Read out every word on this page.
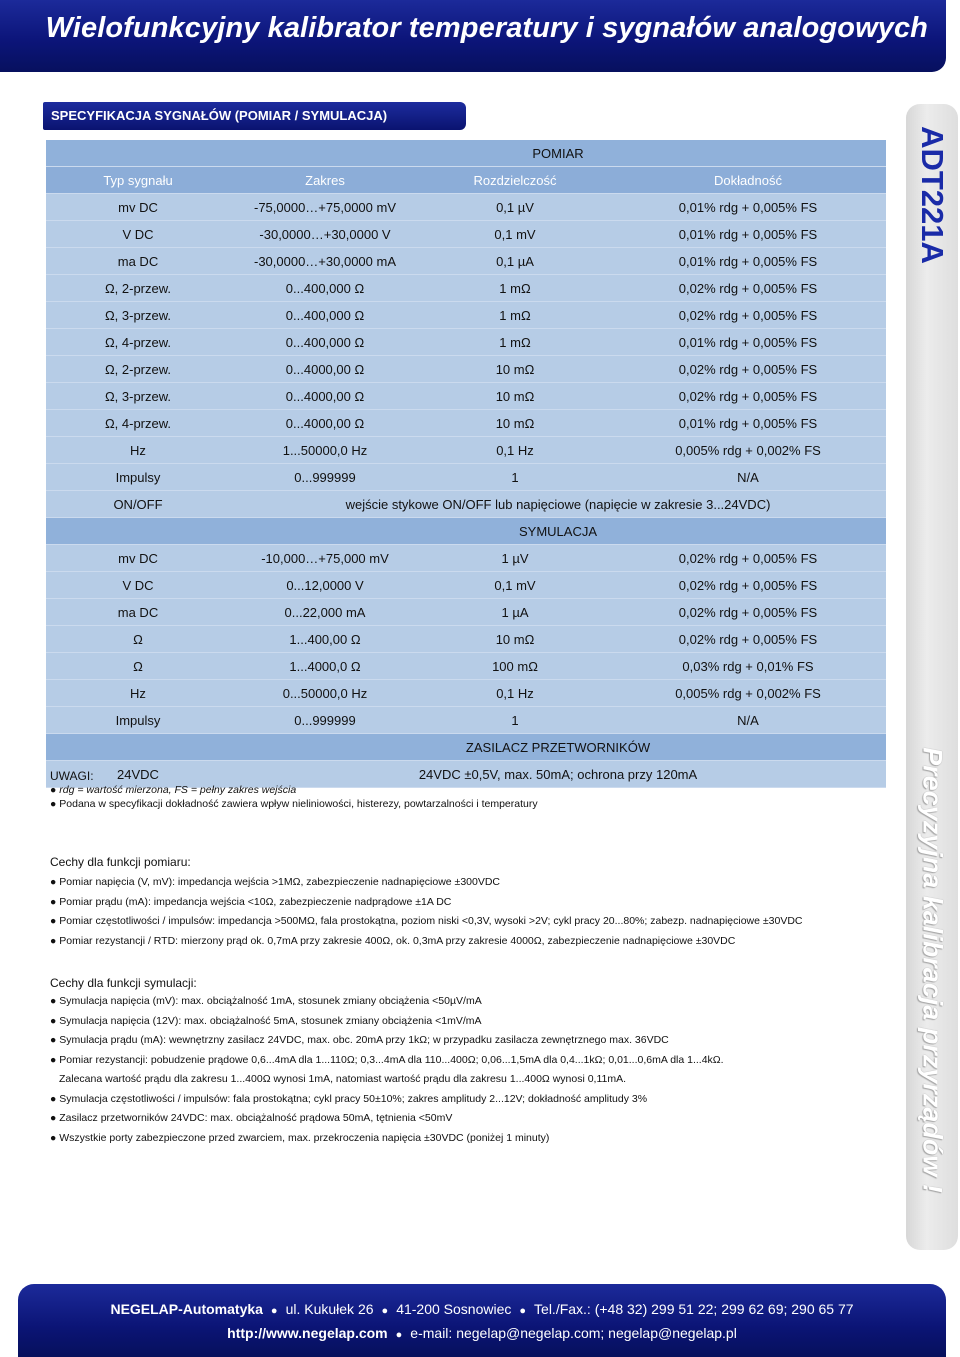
Wielofunkcyjny kalibrator temperatury i sygnałów analogowych
ADT221A
Precyzyjna kalibracja przyrządów !
SPECYFIKACJA SYGNAŁÓW (POMIAR / SYMULACJA)
	POMIAR		
Typ sygnału	Zakres	Rozdzielczość	Dokładność
mv DC	-75,0000…+75,0000 mV	0,1 µV	0,01% rdg + 0,005% FS
V DC	-30,0000…+30,0000 V	0,1 mV	0,01% rdg + 0,005% FS
ma DC	-30,0000…+30,0000 mA	0,1 µA	0,01% rdg + 0,005% FS
Ω, 2-przew.	0...400,000 Ω	1 mΩ	0,02% rdg + 0,005% FS
Ω, 3-przew.	0...400,000 Ω	1 mΩ	0,02% rdg + 0,005% FS
Ω, 4-przew.	0...400,000 Ω	1 mΩ	0,01% rdg + 0,005% FS
Ω, 2-przew.	0...4000,00 Ω	10 mΩ	0,02% rdg + 0,005% FS
Ω, 3-przew.	0...4000,00 Ω	10 mΩ	0,02% rdg + 0,005% FS
Ω, 4-przew.	0...4000,00 Ω	10 mΩ	0,01% rdg + 0,005% FS
Hz	1...50000,0 Hz	0,1 Hz	0,005% rdg + 0,002% FS
Impulsy	0...999999	1	N/A
ON/OFF	wejście stykowe ON/OFF lub napięciowe (napięcie w zakresie 3...24VDC)		
	SYMULACJA		
mv DC	-10,000…+75,000 mV	1 µV	0,02% rdg + 0,005% FS
V DC	0...12,0000 V	0,1 mV	0,02% rdg + 0,005% FS
ma DC	0...22,000 mA	1 µA	0,02% rdg + 0,005% FS
Ω	1...400,00 Ω	10 mΩ	0,02% rdg + 0,005% FS
Ω	1...4000,0 Ω	100 mΩ	0,03% rdg + 0,01% FS
Hz	0...50000,0 Hz	0,1 Hz	0,005% rdg + 0,002% FS
Impulsy	0...999999	1	N/A
	ZASILACZ PRZETWORNIKÓW		
24VDC	24VDC ±0,5V, max. 50mA; ochrona przy 120mA		
UWAGI:
● rdg = wartość mierzona, FS = pełny zakres wejścia
● Podana w specyfikacji dokładność zawiera wpływ nieliniowości, histerezy, powtarzalności i temperatury
Cechy dla funkcji pomiaru:
● Pomiar napięcia (V, mV): impedancja wejścia >1MΩ, zabezpieczenie nadnapięciowe ±300VDC
● Pomiar prądu (mA): impedancja wejścia <10Ω, zabezpieczenie nadprądowe ±1A DC
● Pomiar częstotliwości / impulsów: impedancja >500MΩ, fala prostokątna, poziom niski <0,3V, wysoki >2V; cykl pracy 20...80%; zabezp. nadnapięciowe ±30VDC
● Pomiar rezystancji / RTD: mierzony prąd ok. 0,7mA przy zakresie 400Ω, ok. 0,3mA przy zakresie 4000Ω, zabezpieczenie nadnapięciowe ±30VDC
Cechy dla funkcji symulacji:
● Symulacja napięcia (mV): max. obciążalność 1mA, stosunek zmiany obciążenia <50µV/mA
● Symulacja napięcia (12V): max. obciążalność 5mA, stosunek zmiany obciążenia <1mV/mA
● Symulacja prądu (mA): wewnętrzny zasilacz 24VDC, max. obc. 20mA przy 1kΩ; w przypadku zasilacza zewnętrznego max. 36VDC
● Pomiar rezystancji: pobudzenie prądowe 0,6...4mA dla 1...110Ω; 0,3...4mA dla 110...400Ω; 0,06...1,5mA dla 0,4...1kΩ; 0,01...0,6mA dla 1...4kΩ.
Zalecana wartość prądu dla zakresu 1...400Ω wynosi 1mA, natomiast wartość prądu dla zakresu 1...400Ω wynosi 0,11mA.
● Symulacja częstotliwości / impulsów: fala prostokątna; cykl pracy 50±10%; zakres amplitudy 2...12V; dokładność amplitudy 3%
● Zasilacz przetworników 24VDC: max. obciążalność prądowa 50mA, tętnienia <50mV
● Wszystkie porty zabezpieczone przed zwarciem, max. przekroczenia napięcia ±30VDC (poniżej 1 minuty)
NEGELAP-Automatyka ● ul. Kukułek 26 ● 41-200 Sosnowiec ● Tel./Fax.: (+48 32) 299 51 22; 299 62 69; 290 65 77
http://www.negelap.com ● e-mail: negelap@negelap.com; negelap@negelap.pl
